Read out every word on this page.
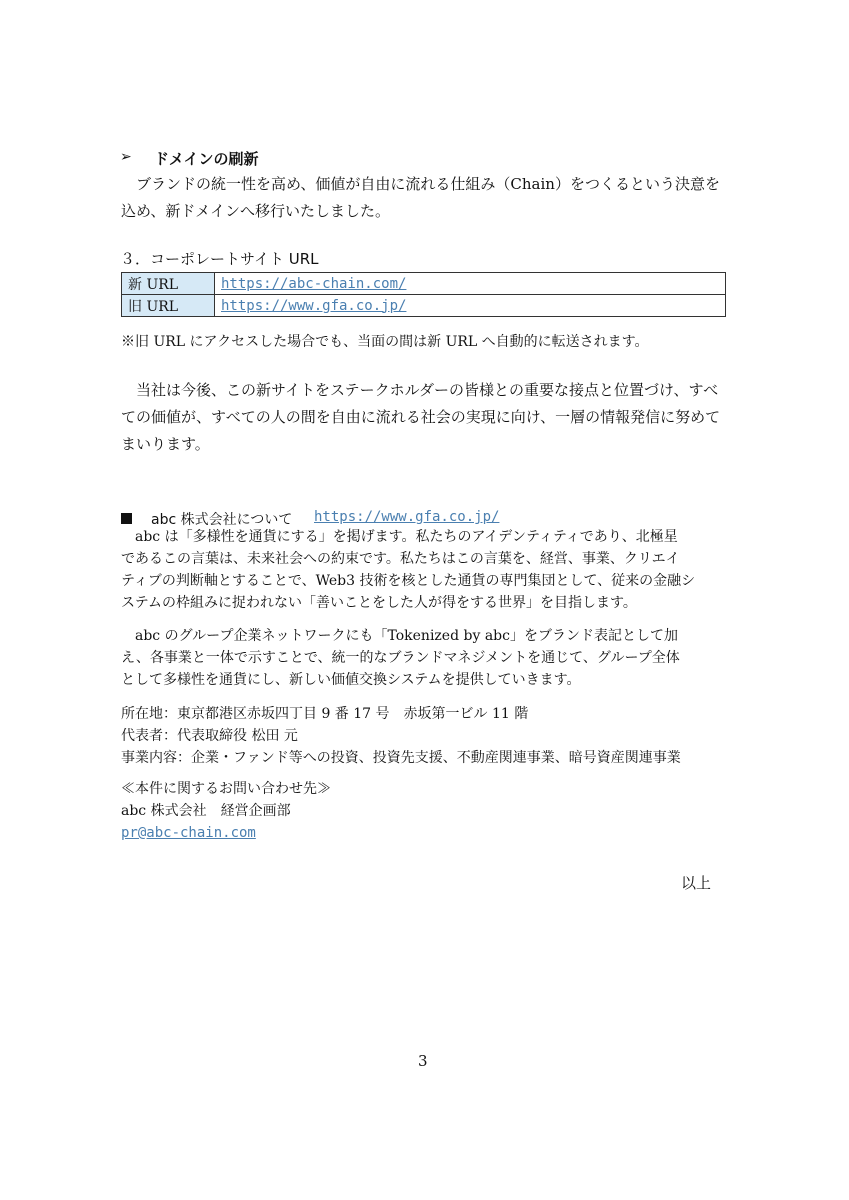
➢ ドメインの刷新
　ブランドの統一性を高め、価値が自由に流れる仕組み（Chain）をつくるという決意を
込め、新ドメインへ移行いたしました。
３．コーポレートサイト URL
新 URL	https://abc-chain.com/
旧 URL	https://www.gfa.co.jp/
※旧 URL にアクセスした場合でも、当面の間は新 URL へ自動的に転送されます。
　当社は今後、この新サイトをステークホルダーの皆様との重要な接点と位置づけ、すべ
ての価値が、すべての人の間を自由に流れる社会の実現に向け、一層の情報発信に努めて
まいります。
abc 株式会社について https://www.gfa.co.jp/
　abc は「多様性を通貨にする」を掲げます。私たちのアイデンティティであり、北極星
であるこの言葉は、未来社会への約束です。私たちはこの言葉を、経営、事業、クリエイ
ティブの判断軸とすることで、Web3 技術を核とした通貨の専門集団として、従来の金融シ
ステムの枠組みに捉われない「善いことをした人が得をする世界」を目指します。
　abc のグループ企業ネットワークにも「Tokenized by abc」をブランド表記として加
え、各事業と一体で示すことで、統一的なブランドマネジメントを通じて、グループ全体
として多様性を通貨にし、新しい価値交換システムを提供していきます。
所在地：東京都港区赤坂四丁目 9 番 17 号　赤坂第一ビル 11 階
代表者：代表取締役 松田 元
事業内容：企業・ファンド等への投資、投資先支援、不動産関連事業、暗号資産関連事業
≪本件に関するお問い合わせ先≫
abc 株式会社　経営企画部
pr@abc-chain.com
以上
3
